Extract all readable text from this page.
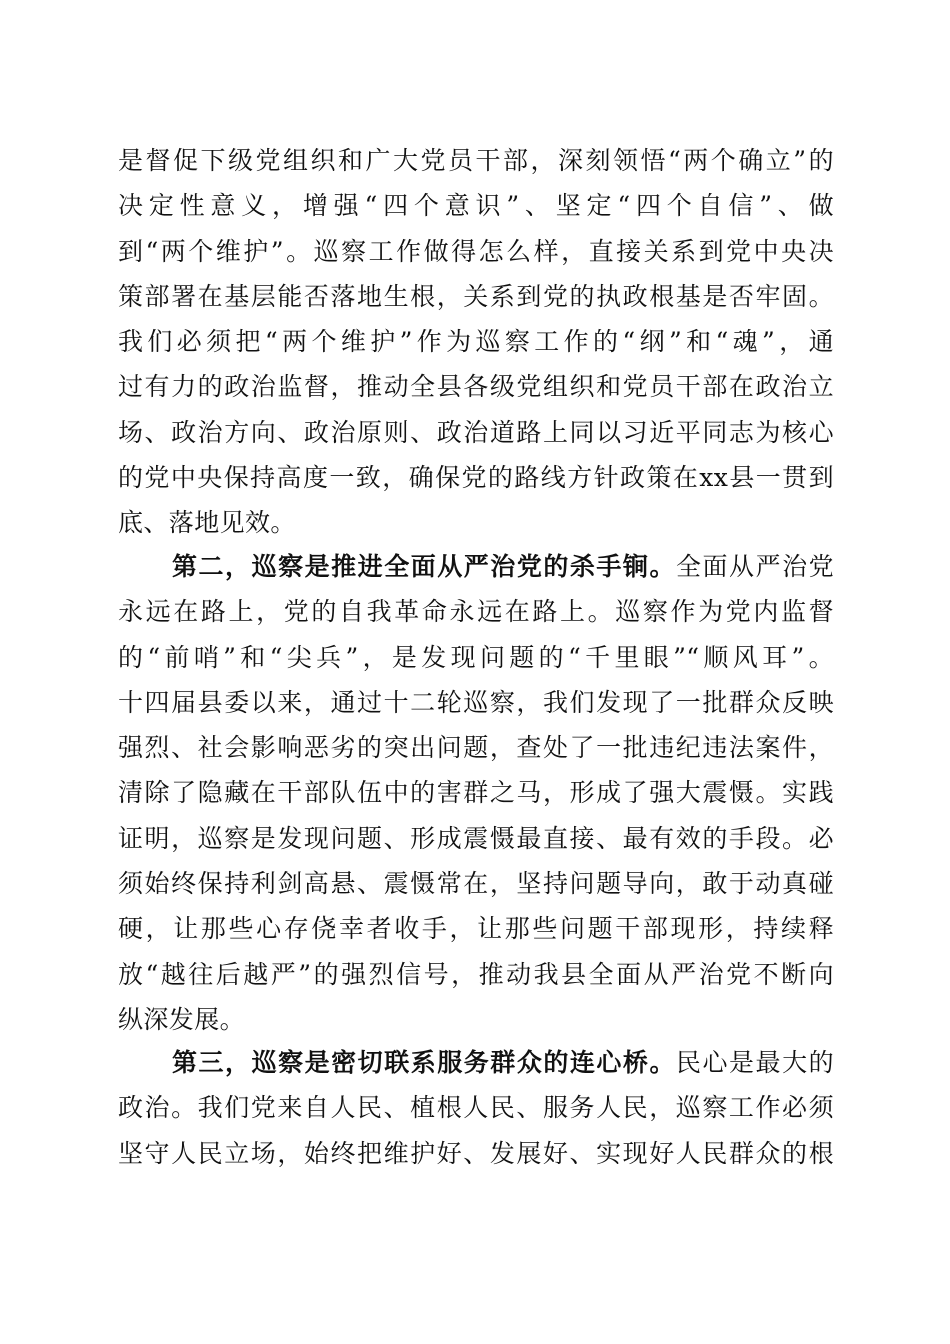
是督促下级党组织和广大党员干部，深刻领悟“两个确立”的
决定性意义，增强“四个意识”、坚定“四个自信”、做
到“两个维护”。巡察工作做得怎么样，直接关系到党中央决
策部署在基层能否落地生根，关系到党的执政根基是否牢固。
我们必须把“两个维护”作为巡察工作的“纲”和“魂”，通
过有力的政治监督，推动全县各级党组织和党员干部在政治立
场、政治方向、政治原则、政治道路上同以习近平同志为核心
的党中央保持高度一致，确保党的路线方针政策在xx县一贯到
底、落地见效。
第二，巡察是推进全面从严治党的杀手锏。全面从严治党
永远在路上，党的自我革命永远在路上。巡察作为党内监督
的“前哨”和“尖兵”，是发现问题的“千里眼”“顺风耳”。
十四届县委以来，通过十二轮巡察，我们发现了一批群众反映
强烈、社会影响恶劣的突出问题，查处了一批违纪违法案件，
清除了隐藏在干部队伍中的害群之马，形成了强大震慑。实践
证明，巡察是发现问题、形成震慑最直接、最有效的手段。必
须始终保持利剑高悬、震慑常在，坚持问题导向，敢于动真碰
硬，让那些心存侥幸者收手，让那些问题干部现形，持续释
放“越往后越严”的强烈信号，推动我县全面从严治党不断向
纵深发展。
第三，巡察是密切联系服务群众的连心桥。民心是最大的
政治。我们党来自人民、植根人民、服务人民，巡察工作必须
坚守人民立场，始终把维护好、发展好、实现好人民群众的根
